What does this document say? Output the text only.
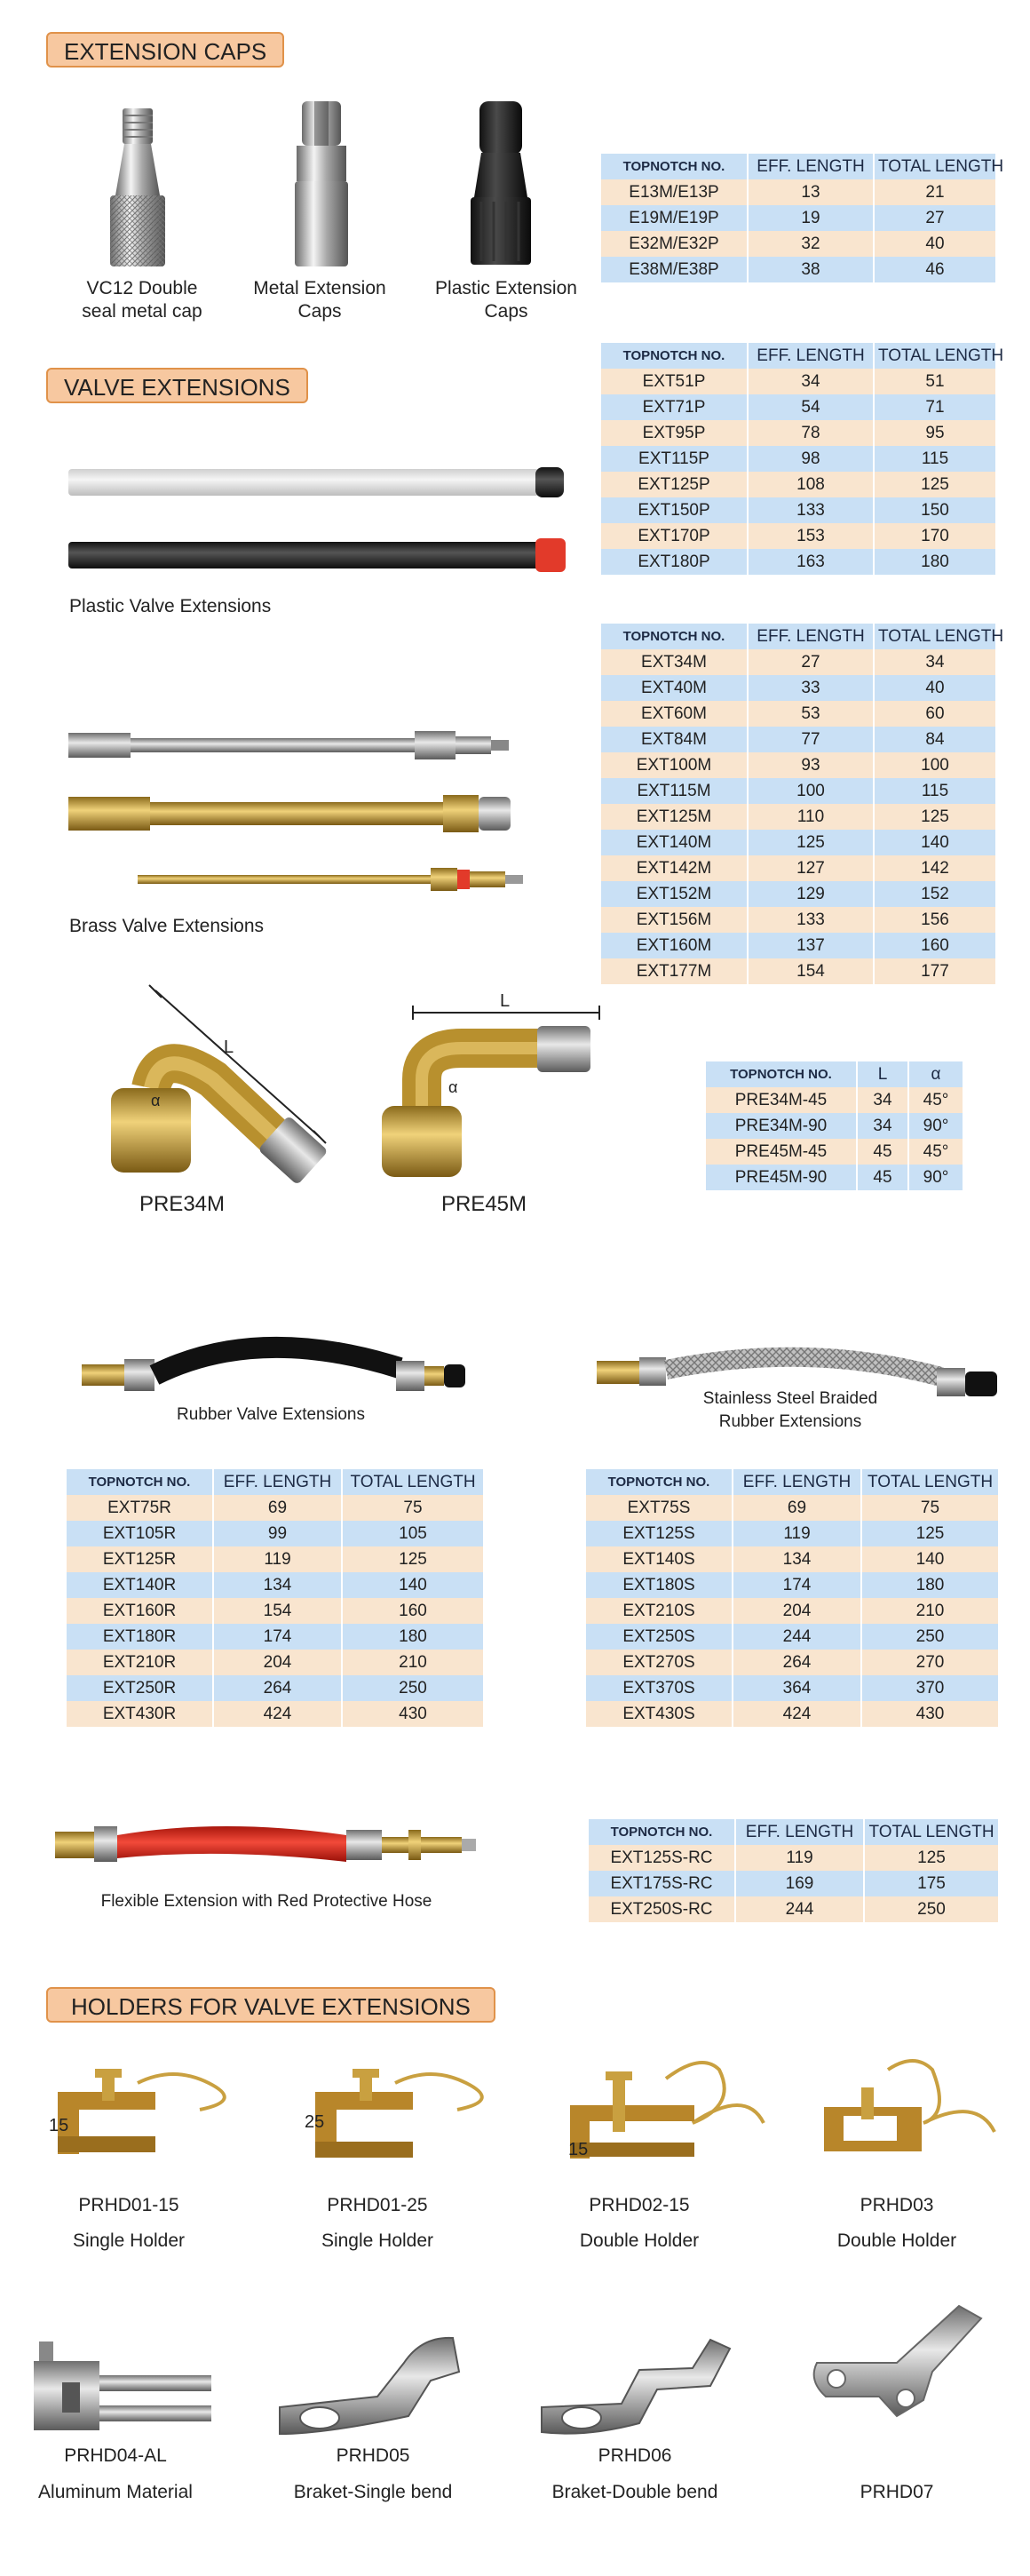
EXTENSION CAPS
VC12 Double
seal metal cap
Metal Extension
Caps
Plastic Extension
Caps
TOPNOTCH NO.	EFF. LENGTH	TOTAL LENGTH
E13M/E13P	13	21
E19M/E19P	19	27
E32M/E32P	32	40
E38M/E38P	38	46
VALVE EXTENSIONS
Plastic Valve Extensions
TOPNOTCH NO.	EFF. LENGTH	TOTAL LENGTH
EXT51P	34	51
EXT71P	54	71
EXT95P	78	95
EXT115P	98	115
EXT125P	108	125
EXT150P	133	150
EXT170P	153	170
EXT180P	163	180
Brass Valve Extensions
TOPNOTCH NO.	EFF. LENGTH	TOTAL LENGTH
EXT34M	27	34
EXT40M	33	40
EXT60M	53	60
EXT84M	77	84
EXT100M	93	100
EXT115M	100	115
EXT125M	110	125
EXT140M	125	140
EXT142M	127	142
EXT152M	129	152
EXT156M	133	156
EXT160M	137	160
EXT177M	154	177
L
α
PRE34M
L
α
PRE45M
TOPNOTCH NO.	L	α
PRE34M-45	34	45°
PRE34M-90	34	90°
PRE45M-45	45	45°
PRE45M-90	45	90°
Rubber Valve Extensions
Stainless Steel Braided
Rubber Extensions
TOPNOTCH NO.	EFF. LENGTH	TOTAL LENGTH
EXT75R	69	75
EXT105R	99	105
EXT125R	119	125
EXT140R	134	140
EXT160R	154	160
EXT180R	174	180
EXT210R	204	210
EXT250R	264	250
EXT430R	424	430
TOPNOTCH NO.	EFF. LENGTH	TOTAL LENGTH
EXT75S	69	75
EXT125S	119	125
EXT140S	134	140
EXT180S	174	180
EXT210S	204	210
EXT250S	244	250
EXT270S	264	270
EXT370S	364	370
EXT430S	424	430
Flexible Extension with Red Protective Hose
TOPNOTCH NO.	EFF. LENGTH	TOTAL LENGTH
EXT125S-RC	119	125
EXT175S-RC	169	175
EXT250S-RC	244	250
HOLDERS FOR VALVE EXTENSIONS
15
PRHD01-15
Single Holder
25
PRHD01-25
Single Holder
15
PRHD02-15
Double Holder
PRHD03
Double Holder
PRHD04-AL
Aluminum Material
PRHD05
Braket-Single bend
PRHD06
Braket-Double bend	PRHD07
